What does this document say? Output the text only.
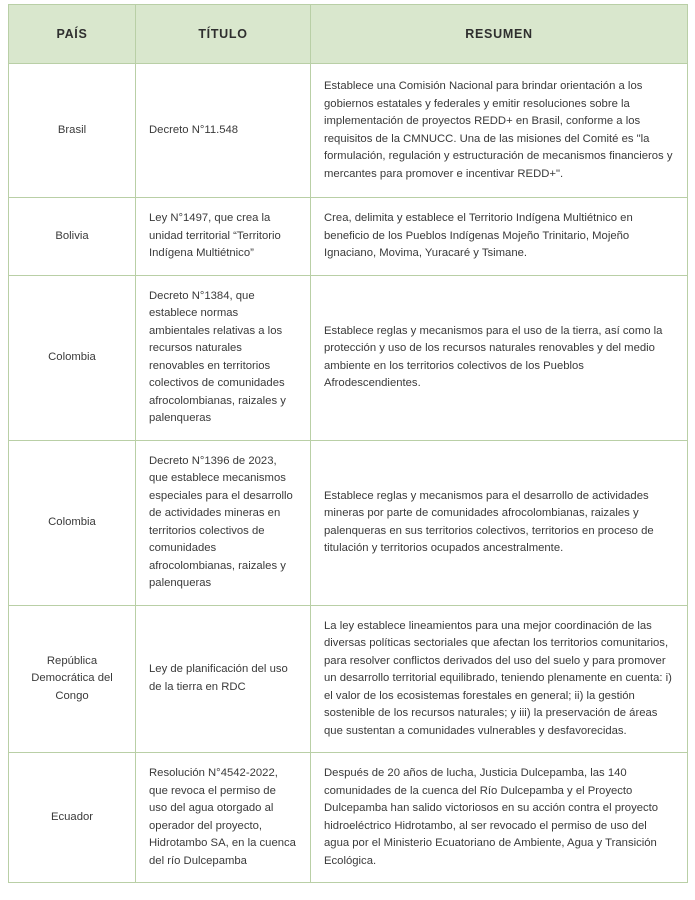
PAÍS	TÍTULO	RESUMEN
Brasil	Decreto N°11.548	Establece una Comisión Nacional para brindar orientación a los gobiernos estatales y federales y emitir resoluciones sobre la implementación de proyectos REDD+ en Brasil, conforme a los requisitos de la CMNUCC. Una de las misiones del Comité es "la formulación, regulación y estructuración de mecanismos financieros y mercantes para promover e incentivar REDD+".
Bolivia	Ley N°1497, que crea la unidad territorial “Territorio Indígena Multiétnico”	Crea, delimita y establece el Territorio Indígena Multiétnico en beneficio de los Pueblos Indígenas Mojeño Trinitario, Mojeño Ignaciano, Movima, Yuracaré y Tsimane.
Colombia	Decreto N°1384, que establece normas ambientales relativas a los recursos naturales renovables en territorios colectivos de comunidades afrocolombianas, raizales y palenqueras	Establece reglas y mecanismos para el uso de la tierra, así como la protección y uso de los recursos naturales renovables y del medio ambiente en los territorios colectivos de los Pueblos Afrodescendientes.
Colombia	Decreto N°1396 de 2023, que establece mecanismos especiales para el desarrollo de actividades mineras en territorios colectivos de comunidades afrocolombianas, raizales y palenqueras	Establece reglas y mecanismos para el desarrollo de actividades mineras por parte de comunidades afrocolombianas, raizales y palenqueras en sus territorios colectivos, territorios en proceso de titulación y territorios ocupados ancestralmente.
República Democrática del Congo	Ley de planificación del uso de la tierra en RDC	La ley establece lineamientos para una mejor coordinación de las diversas políticas sectoriales que afectan los territorios comunitarios, para resolver conflictos derivados del uso del suelo y para promover un desarrollo territorial equilibrado, teniendo plenamente en cuenta: i) el valor de los ecosistemas forestales en general; ii) la gestión sostenible de los recursos naturales; y iii) la preservación de áreas que sustentan a comunidades vulnerables y desfavorecidas.
Ecuador	Resolución N°4542-2022, que revoca el permiso de uso del agua otorgado al operador del proyecto, Hidrotambo SA, en la cuenca del río Dulcepamba	Después de 20 años de lucha, Justicia Dulcepamba, las 140 comunidades de la cuenca del Río Dulcepamba y el Proyecto Dulcepamba han salido victoriosos en su acción contra el proyecto hidroeléctrico Hidrotambo, al ser revocado el permiso de uso del agua por el Ministerio Ecuatoriano de Ambiente, Agua y Transición Ecológica.
